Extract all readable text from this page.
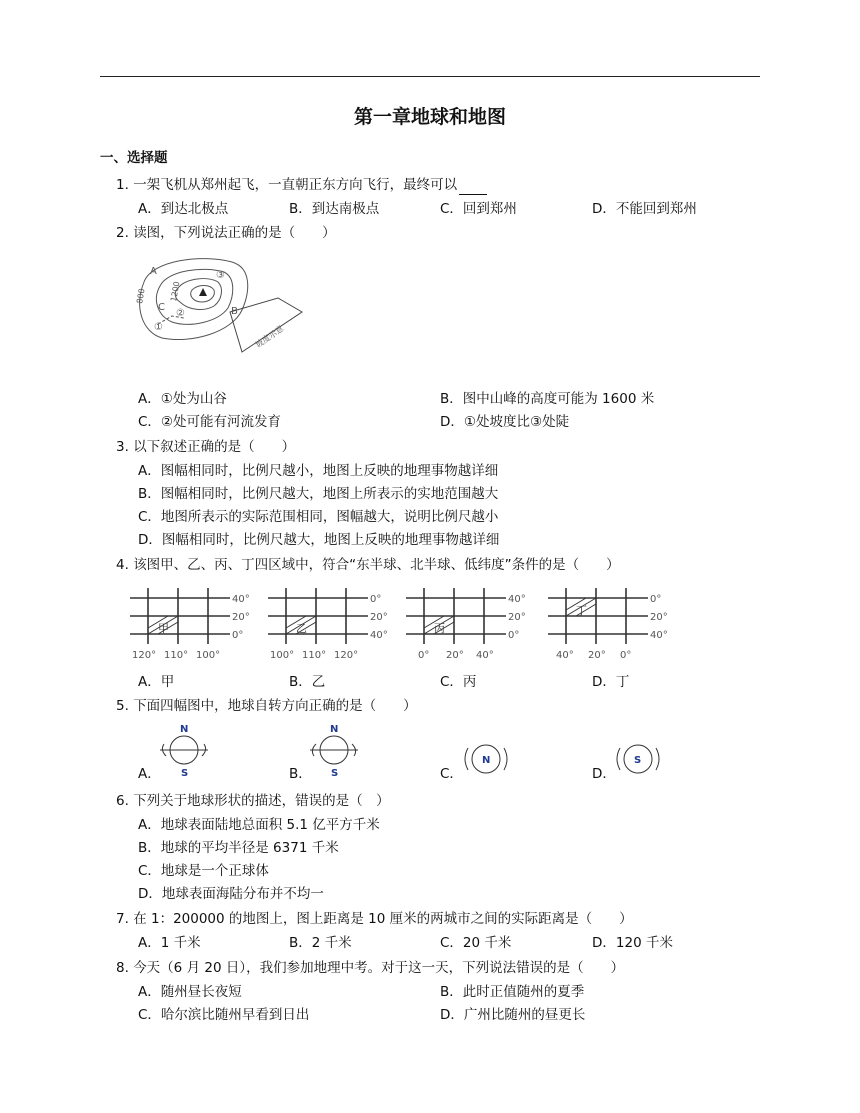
第一章地球和地图
一、选择题
1. 一架飞机从郑州起飞，一直朝正东方向飞行，最终可以
A．到达北极点	B．到达南极点	C．回到郑州	D．不能回到郑州
2. 读图，下列说法正确的是（　　）
A
B
C
800	1200
①
②
③
坡度示意
A．①处为山谷	B．图中山峰的高度可能为 1600 米
C．②处可能有河流发育	D．①处坡度比③处陡
3. 以下叙述正确的是（　　）
A．图幅相同时，比例尺越小，地图上反映的地理事物越详细
B．图幅相同时，比例尺越大，地图上所表示的实地范围越大
C．地图所表示的实际范围相同，图幅越大，说明比例尺越小
D．图幅相同时，比例尺越大，地图上反映的地理事物越详细
4. 该图甲、乙、丙、丁四区域中，符合“东半球、北半球、低纬度”条件的是（　　）
40°
20°
0°
120° 110° 100°
甲
0°
20°
40°
100° 110° 120°
乙
40°
20°
0°
0° 20° 40°
丙
0°
20°
40°
40° 20° 0°
丁
A．甲	B．乙	C．丙	D．丁
5. 下面四幅图中，地球自转方向正确的是（　　）
A．
N
S	B．
N
S	C．
N
D．
S
6. 下列关于地球形状的描述，错误的是（　）
A．地球表面陆地总面积 5.1 亿平方千米
B．地球的平均半径是 6371 千米
C．地球是一个正球体
D．地球表面海陆分布并不均一
7. 在 1：200000 的地图上，图上距离是 10 厘米的两城市之间的实际距离是（　　）
A．1 千米	B．2 千米	C．20 千米	D．120 千米
8. 今天（6 月 20 日），我们参加地理中考。对于这一天，下列说法错误的是（　　）
A．随州昼长夜短	B．此时正值随州的夏季
C．哈尔滨比随州早看到日出	D．广州比随州的昼更长
